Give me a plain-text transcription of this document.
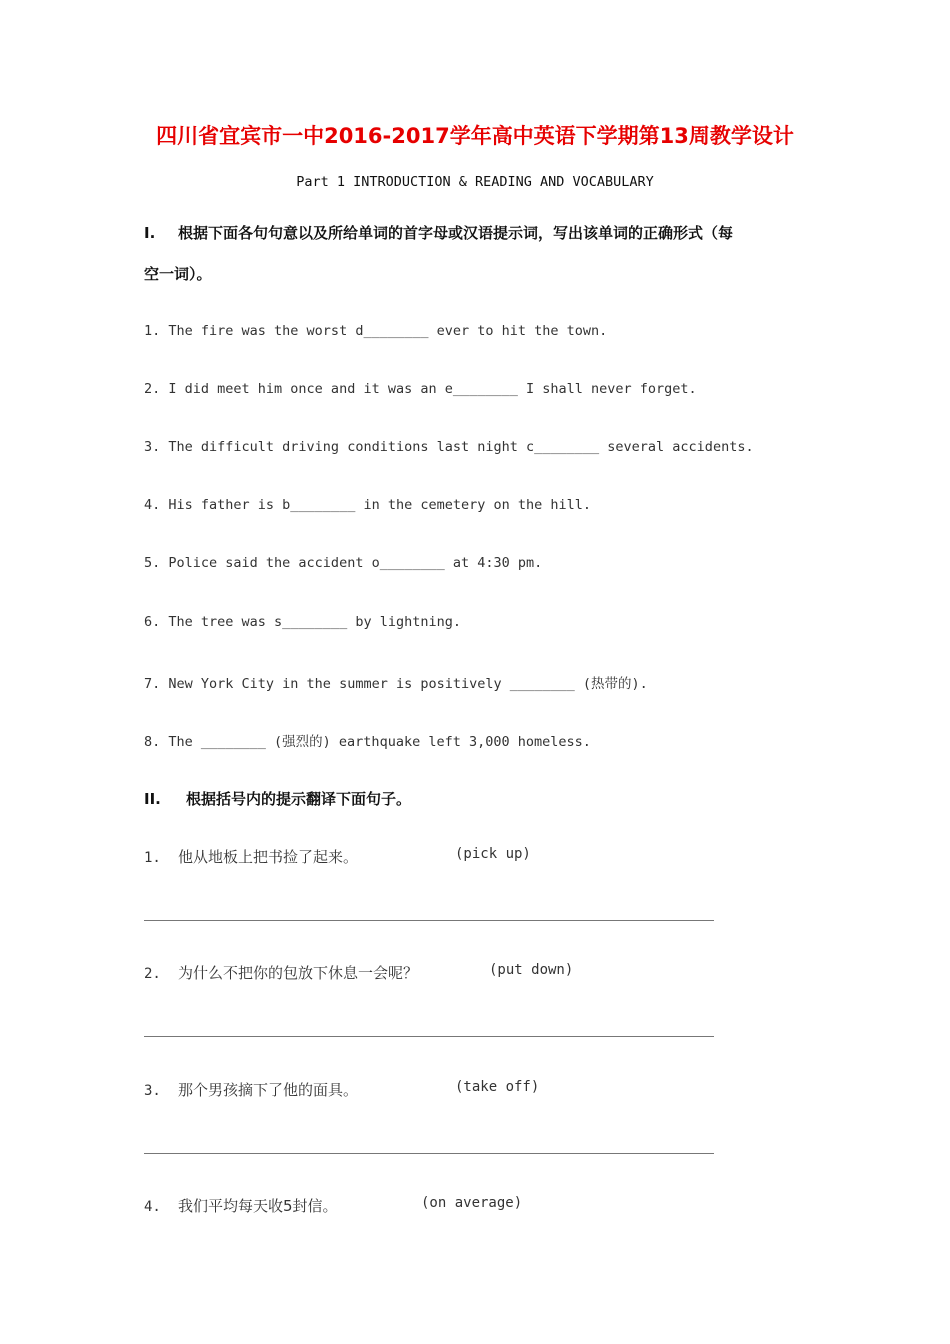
四川省宜宾市一中2016-2017学年高中英语下学期第13周教学设计
Part 1 INTRODUCTION & READING AND VOCABULARY
I. 根据下面各句句意以及所给单词的首字母或汉语提示词，写出该单词的正确形式（每
空一词）。
1. The fire was the worst d________ ever to hit the town.
2. I did meet him once and it was an e________ I shall never forget.
3. The difficult driving conditions last night c________ several accidents.
4. His father is b________ in the cemetery on the hill.
5. Police said the accident o________ at 4:30 pm.
6. The tree was s________ by lightning.
7. New York City in the summer is positively ________ (热带的).
8. The ________ (强烈的) earthquake left 3,000 homeless.
II. 根据括号内的提示翻译下面句子。
1. 他从地板上把书捡了起来。	(pick up)
2. 为什么不把你的包放下休息一会呢？	(put down)
3. 那个男孩摘下了他的面具。	(take off)
4. 我们平均每天收5封信。	(on average)
